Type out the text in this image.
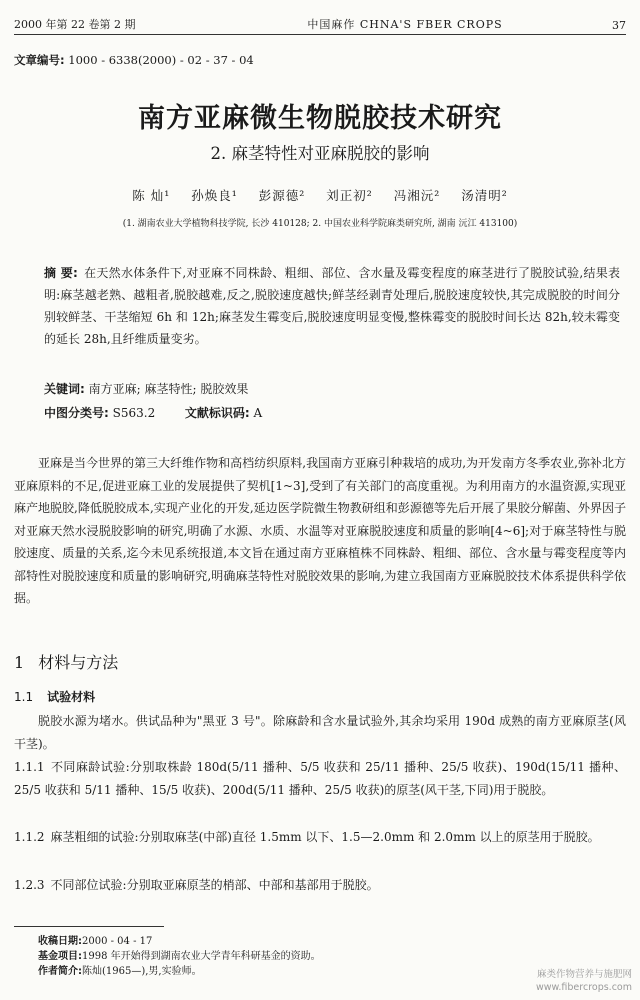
2000 年第 22 卷第 2 期	中国麻作 CHNA'S FBER CROPS	37
文章编号: 1000 - 6338(2000) - 02 - 37 - 04
南方亚麻微生物脱胶技术研究
2. 麻茎特性对亚麻脱胶的影响
陈 灿¹ 孙焕良¹ 彭源德² 刘正初² 冯湘沅² 汤清明²
(1. 湖南农业大学植物科技学院, 长沙 410128; 2. 中国农业科学院麻类研究所, 湖南 沅江 413100)
摘 要: 在天然水体条件下,对亚麻不同株龄、粗细、部位、含水量及霉变程度的麻茎进行了脱胶试验,结果表明:麻茎越老熟、越粗者,脱胶越难,反之,脱胶速度越快;鲜茎经剥青处理后,脱胶速度较快,其完成脱胶的时间分别较鲜茎、干茎缩短 6h 和 12h;麻茎发生霉变后,脱胶速度明显变慢,整株霉变的脱胶时间长达 82h,较未霉变的延长 28h,且纤维质量变劣。
关键词: 南方亚麻; 麻茎特性; 脱胶效果
中图分类号: S563.2 文献标识码: A

亚麻是当今世界的第三大纤维作物和高档纺织原料,我国南方亚麻引种栽培的成功,为开发南方冬季农业,弥补北方亚麻原料的不足,促进亚麻工业的发展提供了契机[1~3],受到了有关部门的高度重视。为利用南方的水温资源,实现亚麻产地脱胶,降低脱胶成本,实现产业化的开发,延边医学院微生物教研组和彭源德等先后开展了果胶分解菌、外界因子对亚麻天然水浸脱胶影响的研究,明确了水源、水质、水温等对亚麻脱胶速度和质量的影响[4~6];对于麻茎特性与脱胶速度、质量的关系,迄今未见系统报道,本文旨在通过南方亚麻植株不同株龄、粗细、部位、含水量与霉变程度等内部特性对脱胶速度和质量的影响研究,明确麻茎特性对脱胶效果的影响,为建立我国南方亚麻脱胶技术体系提供科学依据。

1 材料与方法
1.1 试验材料
脱胶水源为堵水。供试品种为"黑亚 3 号"。除麻龄和含水量试验外,其余均采用 190d 成熟的南方亚麻原茎(风干茎)。
1.1.1 不同麻龄试验:分别取株龄 180d(5/11 播种、5/5 收获和 25/11 播种、25/5 收获)、190d(15/11 播种、25/5 收获和 5/11 播种、15/5 收获)、200d(5/11 播种、25/5 收获)的原茎(风干茎,下同)用于脱胶。
1.1.2 麻茎粗细的试验:分别取麻茎(中部)直径 1.5mm 以下、1.5—2.0mm 和 2.0mm 以上的原茎用于脱胶。
1.2.3 不同部位试验:分别取亚麻原茎的梢部、中部和基部用于脱胶。
收稿日期:2000 - 04 - 17
基金项目:1998 年开始得到湖南农业大学青年科研基金的资助。
作者简介:陈灿(1965—),男,实验师。	麻类作物营养与施肥网
www.fibercrops.com
